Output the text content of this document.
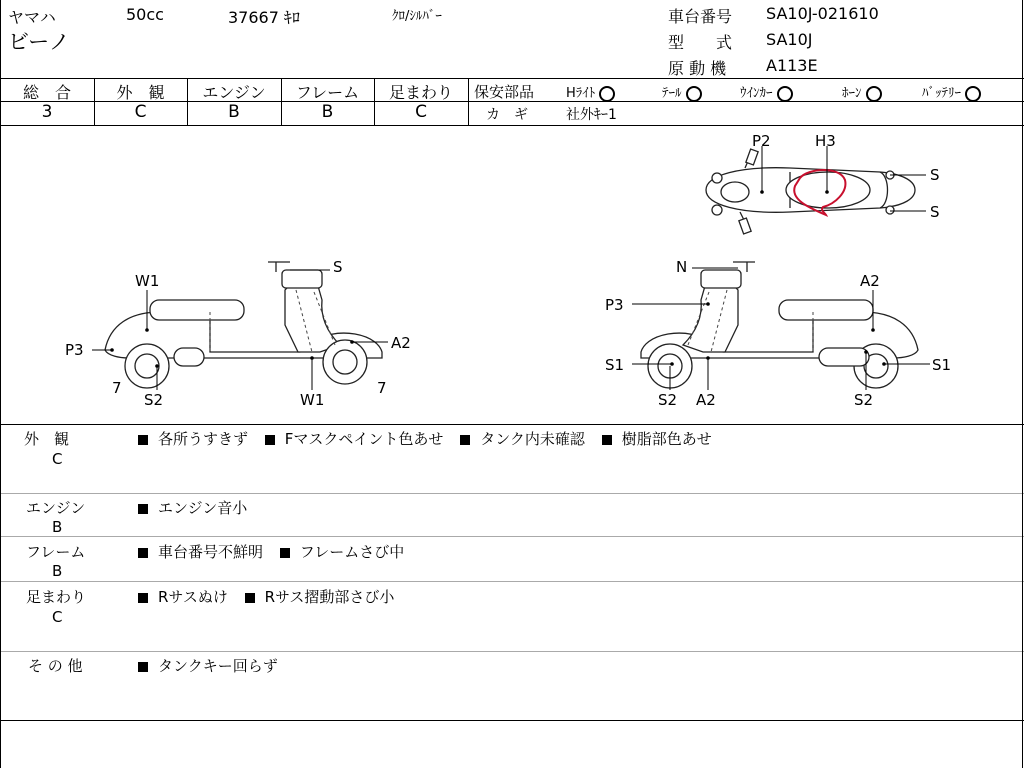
ヤマハ
ビーノ
50cc	37667 ｷﾛ	ｸﾛ/ｼﾙﾊﾞｰ	車台番号 SA10J-021610
型　　式 SA10J
原 動 機 A113E
総　合
3
外　観
C
エンジン
B
フレーム
B
足まわり
C
保安部品 Hﾗｲﾄ	ﾃｰﾙ	ｳｲﾝｶｰ	ﾎｰﾝ	ﾊﾞｯﾃﾘｰ
カ　ギ	社外ｷｰ1
P2	H3
S
S
S
W1
P3	A2
7
S2	W1
7
N
A2
P3
S1	S1
S2 A2	S2
外　観
C
各所うすきず Fマスクペイント色あせ タンク内未確認 樹脂部色あせ
エンジン
B
エンジン音小
フレーム
B
車台番号不鮮明 フレームさび中
足まわり
C
Rサスぬけ Rサス摺動部さび小
そ の 他	タンクキー回らず
